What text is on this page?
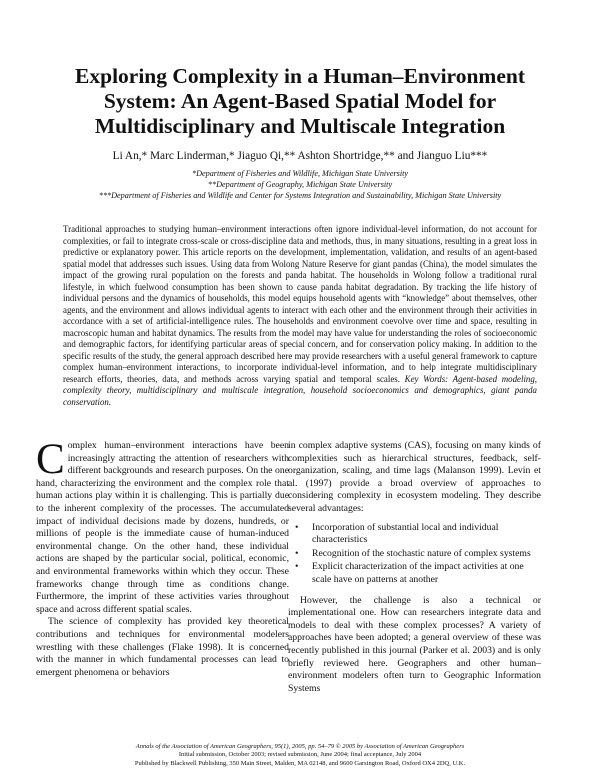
Exploring Complexity in a Human–Environment
System: An Agent-Based Spatial Model for
Multidisciplinary and Multiscale Integration
Li An,* Marc Linderman,* Jiaguo Qi,** Ashton Shortridge,** and Jianguo Liu***
*Department of Fisheries and Wildlife, Michigan State University
**Department of Geography, Michigan State University
***Department of Fisheries and Wildlife and Center for Systems Integration and Sustainability, Michigan State University

Traditional approaches to studying human–environment interactions often ignore individual-level information, do not account for complexities, or fail to integrate cross-scale or cross-discipline data and methods, thus, in many situations, resulting in a great loss in predictive or explanatory power. This article reports on the development, implementation, validation, and results of an agent-based spatial model that addresses such issues. Using data from Wolong Nature Reserve for giant pandas (China), the model simulates the impact of the growing rural population on the forests and panda habitat. The households in Wolong follow a traditional rural lifestyle, in which fuelwood consumption has been shown to cause panda habitat degradation. By tracking the life history of individual persons and the dynamics of households, this model equips household agents with “knowledge” about themselves, other agents, and the environment and allows individual agents to interact with each other and the environment through their activities in accordance with a set of artificial-intelligence rules. The households and environment coevolve over time and space, resulting in macroscopic human and habitat dynamics. The results from the model may have value for understanding the roles of socioeconomic and demographic factors, for identifying particular areas of special concern, and for conservation policy making. In addition to the specific results of the study, the general approach described here may provide researchers with a useful general framework to capture complex human–environment interactions, to incorporate individual-level information, and to help integrate multidisciplinary research efforts, theories, data, and methods across varying spatial and temporal scales. Key Words: Agent-based modeling, complexity theory, multidisciplinary and multiscale integration, household socioeconomics and demographics, giant panda conservation.

Complex human–environment interactions have been increasingly attracting the attention of researchers with different backgrounds and research purposes. On the one hand, characterizing the environment and the complex role that human actions play within it is challenging. This is partially due to the inherent complexity of the processes. The accumulated impact of individual decisions made by dozens, hundreds, or millions of people is the immediate cause of human-induced environmental change. On the other hand, these individual actions are shaped by the particular social, political, economic, and environmental frameworks within which they occur. These frameworks change through time as conditions change. Furthermore, the imprint of these activities varies throughout space and across different spatial scales.

The science of complexity has provided key theoretical contributions and techniques for environmental modelers wrestling with these challenges (Flake 1998). It is concerned with the manner in which fundamental processes can lead to emergent phenomena or behaviors

in complex adaptive systems (CAS), focusing on many kinds of complexities such as hierarchical structures, feedback, self-organization, scaling, and time lags (Malanson 1999). Levin et al. (1997) provide a broad overview of approaches to considering complexity in ecosystem modeling. They describe several advantages:

• Incorporation of substantial local and individual characteristics
• Recognition of the stochastic nature of complex systems
• Explicit characterization of the impact activities at one scale have on patterns at another

However, the challenge is also a technical or implementational one. How can researchers integrate data and models to deal with these complex processes? A variety of approaches have been adopted; a general overview of these was recently published in this journal (Parker et al. 2003) and is only briefly reviewed here. Geographers and other human–environment modelers often turn to Geographic Information Systems

Annals of the Association of American Geographers, 95(1), 2005, pp. 54–79 © 2005 by Association of American Geographers
Initial submission, October 2003; revised submission, June 2004; final acceptance, July 2004
Published by Blackwell Publishing, 350 Main Street, Malden, MA 02148, and 9600 Garsington Road, Oxford OX4 2DQ, U.K.
